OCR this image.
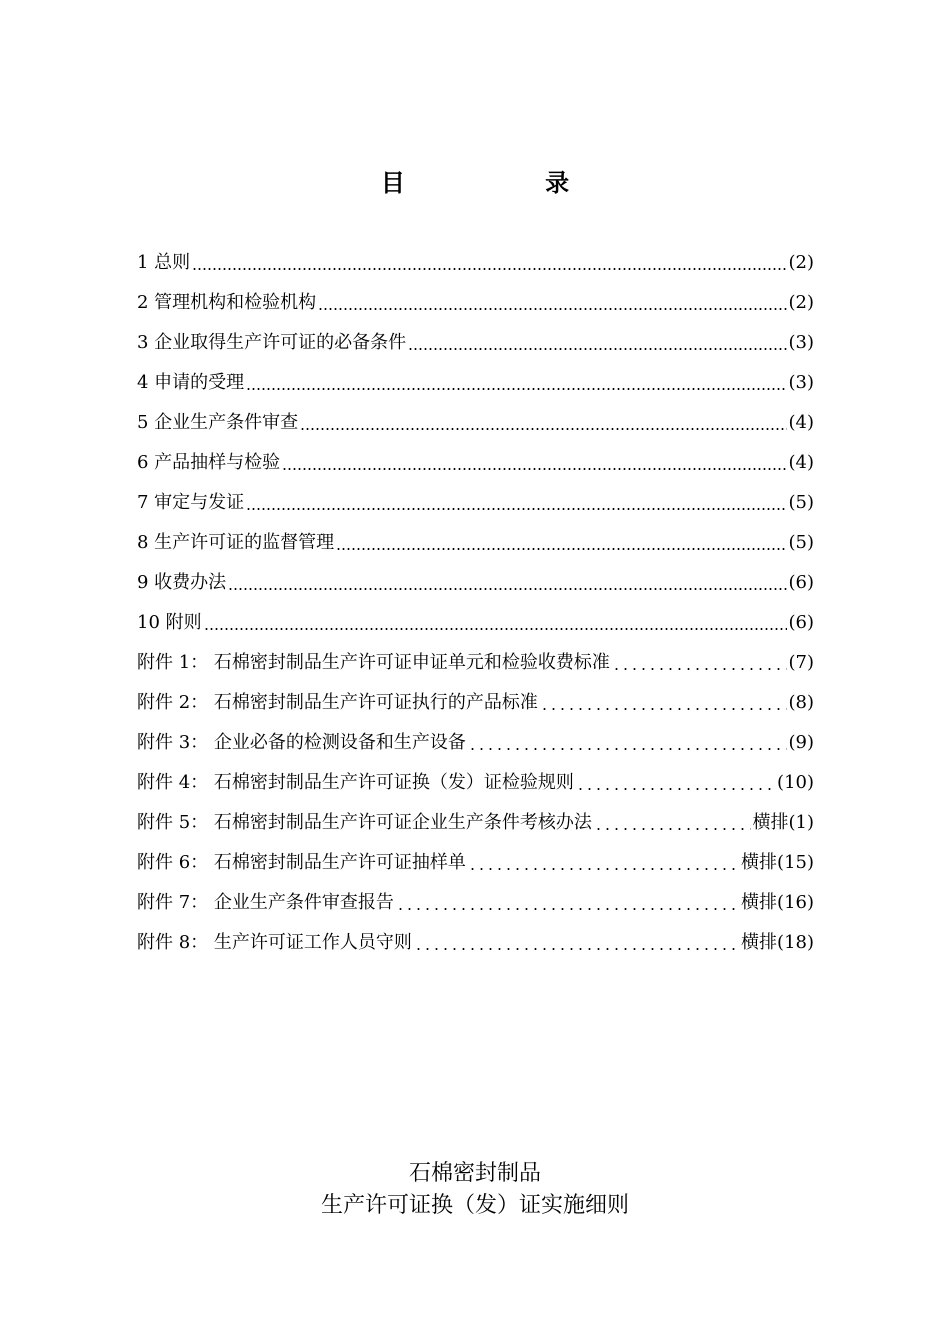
目 录
1 总则	(2)
2 管理机构和检验机构	(2)
3 企业取得生产许可证的必备条件	(3)
4 申请的受理	(3)
5 企业生产条件审查	(4)
6 产品抽样与检验	(4)
7 审定与发证	(5)
8 生产许可证的监督管理	(5)
9 收费办法	(6)
10 附则	(6)
附件 1： 石棉密封制品生产许可证申证单元和检验收费标准	(7)
附件 2： 石棉密封制品生产许可证执行的产品标准	(8)
附件 3： 企业必备的检测设备和生产设备	(9)
附件 4： 石棉密封制品生产许可证换（发）证检验规则	(10)
附件 5： 石棉密封制品生产许可证企业生产条件考核办法	横排(1)
附件 6： 石棉密封制品生产许可证抽样单	横排(15)
附件 7： 企业生产条件审查报告	横排(16)
附件 8： 生产许可证工作人员守则	横排(18)
石棉密封制品
生产许可证换（发）证实施细则
